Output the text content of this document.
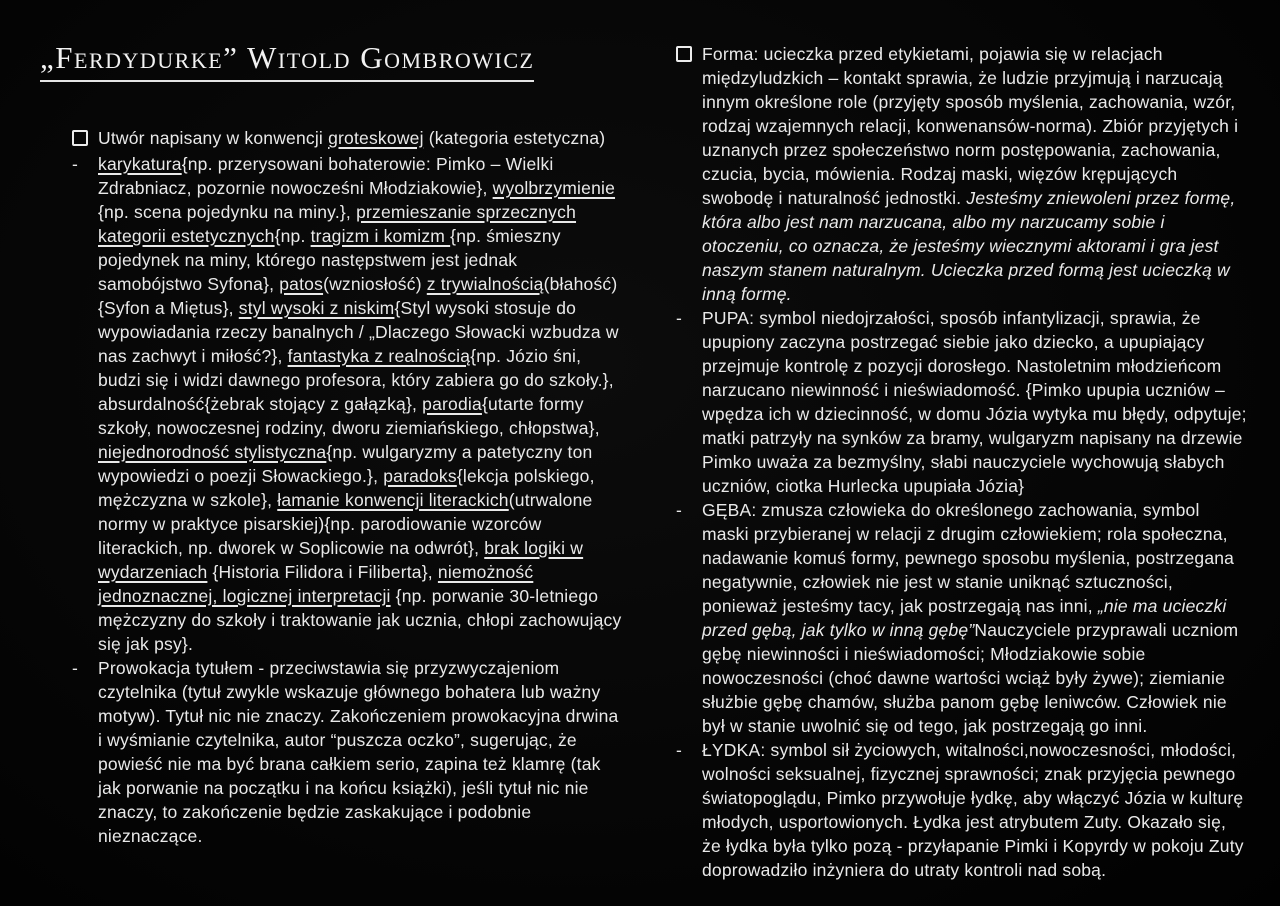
„Ferdydurke” Witold Gombrowicz
Utwór napisany w konwencji groteskowej (kategoria estetyczna)
-	karykatura{np. przerysowani bohaterowie: Pimko – Wielki Zdrabniacz, pozornie nowocześni Młodziakowie}, wyolbrzymienie {np. scena pojedynku na miny.}, przemieszanie sprzecznych kategorii estetycznych{np. tragizm i komizm {np. śmieszny pojedynek na miny, którego następstwem jest jednak samobójstwo Syfona}, patos(wzniosłość) z trywialnością(błahość) {Syfon a Miętus}, styl wysoki z niskim{Styl wysoki stosuje do wypowiadania rzeczy banalnych / „Dlaczego Słowacki wzbudza w nas zachwyt i miłość?}, fantastyka z realnością{np. Józio śni, budzi się i widzi dawnego profesora, który zabiera go do szkoły.}, absurdalność{żebrak stojący z gałązką}, parodia{utarte formy szkoły, nowoczesnej rodziny, dworu ziemiańskiego, chłopstwa}, niejednorodność stylistyczna{np. wulgaryzmy a patetyczny ton wypowiedzi o poezji Słowackiego.}, paradoks{lekcja polskiego, mężczyzna w szkole}, łamanie konwencji literackich(utrwalone normy w praktyce pisarskiej){np. parodiowanie wzorców literackich, np. dworek w Soplicowie na odwrót}, brak logiki w wydarzeniach {Historia Filidora i Filiberta}, niemożność jednoznacznej, logicznej interpretacji {np. porwanie 30-letniego mężczyzny do szkoły i traktowanie jak ucznia, chłopi zachowujący się jak psy}.
-	Prowokacja tytułem - przeciwstawia się przyzwyczajeniom czytelnika (tytuł zwykle wskazuje głównego bohatera lub ważny motyw). Tytuł nic nie znaczy. Zakończeniem prowokacyjna drwina i wyśmianie czytelnika, autor “puszcza oczko”, sugerując, że powieść nie ma być brana całkiem serio, zapina też klamrę (tak jak porwanie na początku i na końcu książki), jeśli tytuł nic nie znaczy, to zakończenie będzie zaskakujące i podobnie nieznaczące.
Forma: ucieczka przed etykietami, pojawia się w relacjach międzyludzkich – kontakt sprawia, że ludzie przyjmują i narzucają innym określone role (przyjęty sposób myślenia, zachowania, wzór, rodzaj wzajemnych relacji, konwenansów-norma). Zbiór przyjętych i uznanych przez społeczeństwo norm postępowania, zachowania, czucia, bycia, mówienia. Rodzaj maski, więzów krępujących swobodę i naturalność jednostki. Jesteśmy zniewoleni przez formę, która albo jest nam narzucana, albo my narzucamy sobie i otoczeniu, co oznacza, że jesteśmy wiecznymi aktorami i gra jest naszym stanem naturalnym. Ucieczka przed formą jest ucieczką w inną formę.
-	PUPA: symbol niedojrzałości, sposób infantylizacji, sprawia, że upupiony zaczyna postrzegać siebie jako dziecko, a upupiający przejmuje kontrolę z pozycji dorosłego. Nastoletnim młodzieńcom narzucano niewinność i nieświadomość. {Pimko upupia uczniów – wpędza ich w dziecinność, w domu Józia wytyka mu błędy, odpytuje; matki patrzyły na synków za bramy, wulgaryzm napisany na drzewie Pimko uważa za bezmyślny, słabi nauczyciele wychowują słabych uczniów, ciotka Hurlecka upupiała Józia}
-	GĘBA: zmusza człowieka do określonego zachowania, symbol maski przybieranej w relacji z drugim człowiekiem; rola społeczna, nadawanie komuś formy, pewnego sposobu myślenia, postrzegana negatywnie, człowiek nie jest w stanie uniknąć sztuczności, ponieważ jesteśmy tacy, jak postrzegają nas inni, „nie ma ucieczki przed gębą, jak tylko w inną gębę”Nauczyciele przyprawali uczniom gębę niewinności i nieświadomości; Młodziakowie sobie nowoczesności (choć dawne wartości wciąż były żywe); ziemianie służbie gębę chamów, służba panom gębę leniwców. Człowiek nie był w stanie uwolnić się od tego, jak postrzegają go inni.
-	ŁYDKA: symbol sił życiowych, witalności,nowoczesności, młodości, wolności seksualnej, fizycznej sprawności; znak przyjęcia pewnego światopoglądu, Pimko przywołuje łydkę, aby włączyć Józia w kulturę młodych, usportowionych. Łydka jest atrybutem Zuty. Okazało się, że łydka była tylko pozą - przyłapanie Pimki i Kopyrdy w pokoju Zuty doprowadziło inżyniera do utraty kontroli nad sobą.
